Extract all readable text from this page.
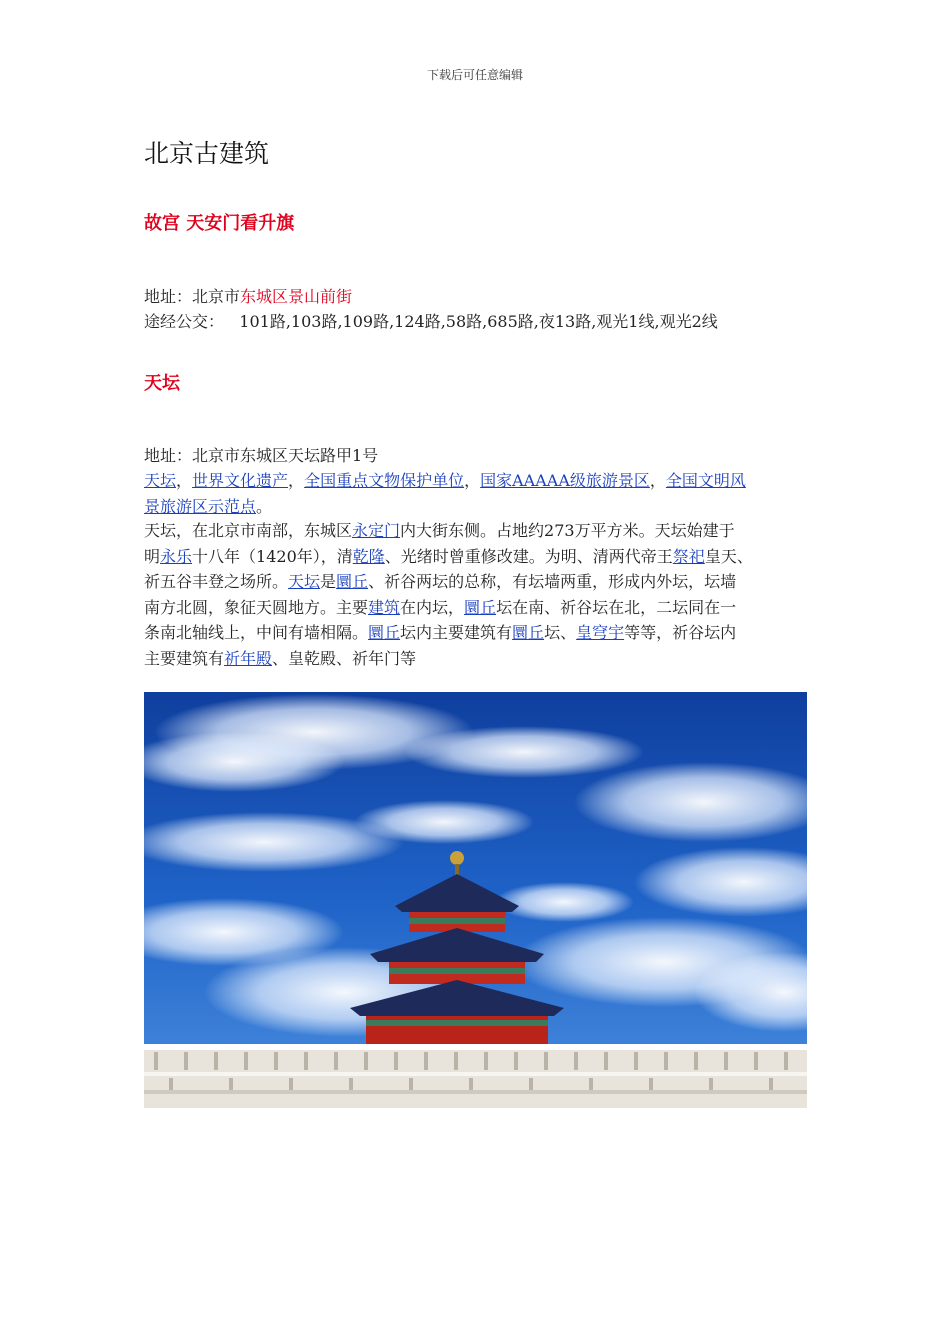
下载后可任意编辑
北京古建筑
故宫 天安门看升旗
地址：北京市东城区景山前街
途经公交： 101路,103路,109路,124路,58路,685路,夜13路,观光1线,观光2线
天坛
地址：北京市东城区天坛路甲1号
天坛，世界文化遗产，全国重点文物保护单位，国家AAAAA级旅游景区，全国文明风
景旅游区示范点。
天坛，在北京市南部，东城区永定门内大街东侧。占地约273万平方米。天坛始建于
明永乐十八年（1420年），清乾隆、光绪时曾重修改建。为明、清两代帝王祭祀皇天、
祈五谷丰登之场所。天坛是圜丘、祈谷两坛的总称，有坛墙两重，形成内外坛，坛墙
南方北圆，象征天圆地方。主要建筑在内坛，圜丘坛在南、祈谷坛在北，二坛同在一
条南北轴线上，中间有墙相隔。圜丘坛内主要建筑有圜丘坛、皇穹宇等等，祈谷坛内
主要建筑有祈年殿、皇乾殿、祈年门等
